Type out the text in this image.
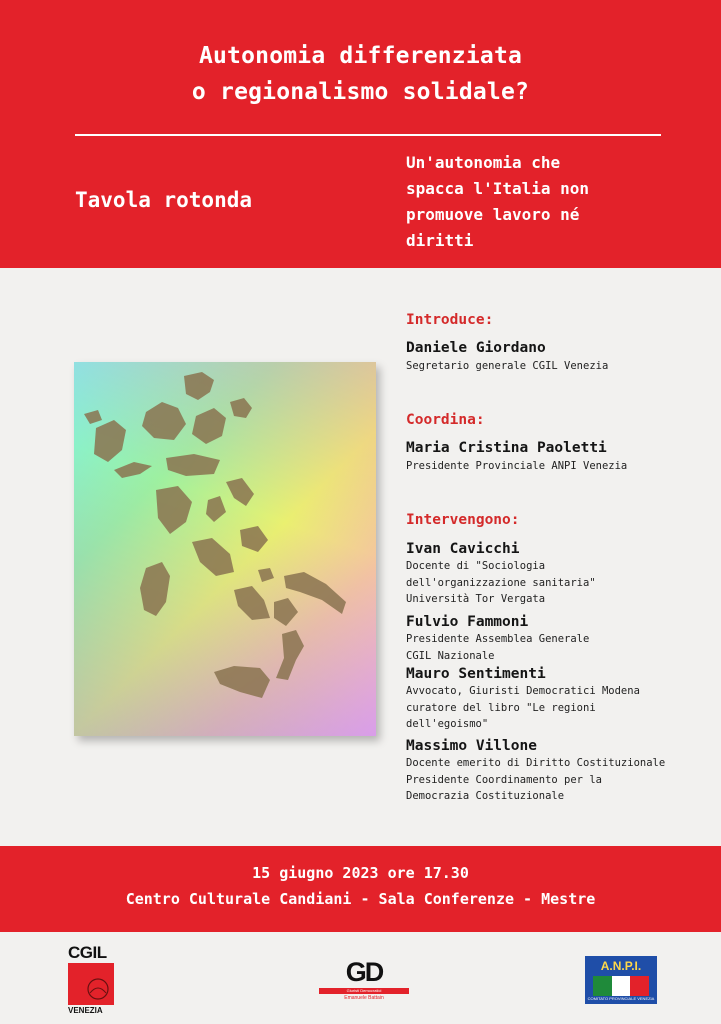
Autonomia differenziata
o regionalismo solidale?
Tavola rotonda
Un'autonomia che
spacca l'Italia non
promuove lavoro né
diritti
Introduce:
Daniele Giordano
Segretario generale CGIL Venezia
Coordina:
Maria Cristina Paoletti
Presidente Provinciale ANPI Venezia
Intervengono:
Ivan Cavicchi
Docente di "Sociologia
dell'organizzazione sanitaria"
Università Tor Vergata
Fulvio Fammoni
Presidente Assemblea Generale
CGIL Nazionale
Mauro Sentimenti
Avvocato, Giuristi Democratici Modena
curatore del libro "Le regioni
dell'egoismo"
Massimo Villone
Docente emerito di Diritto Costituzionale
Presidente Coordinamento per la
Democrazia Costituzionale
15 giugno 2023 ore 17.30
Centro Culturale Candiani - Sala Conferenze - Mestre
CGIL
VENEZIA
GD
Giuristi Democratici
Emanuele Battain
A.N.P.I.
COMITATO PROVINCIALE VENEZIA
